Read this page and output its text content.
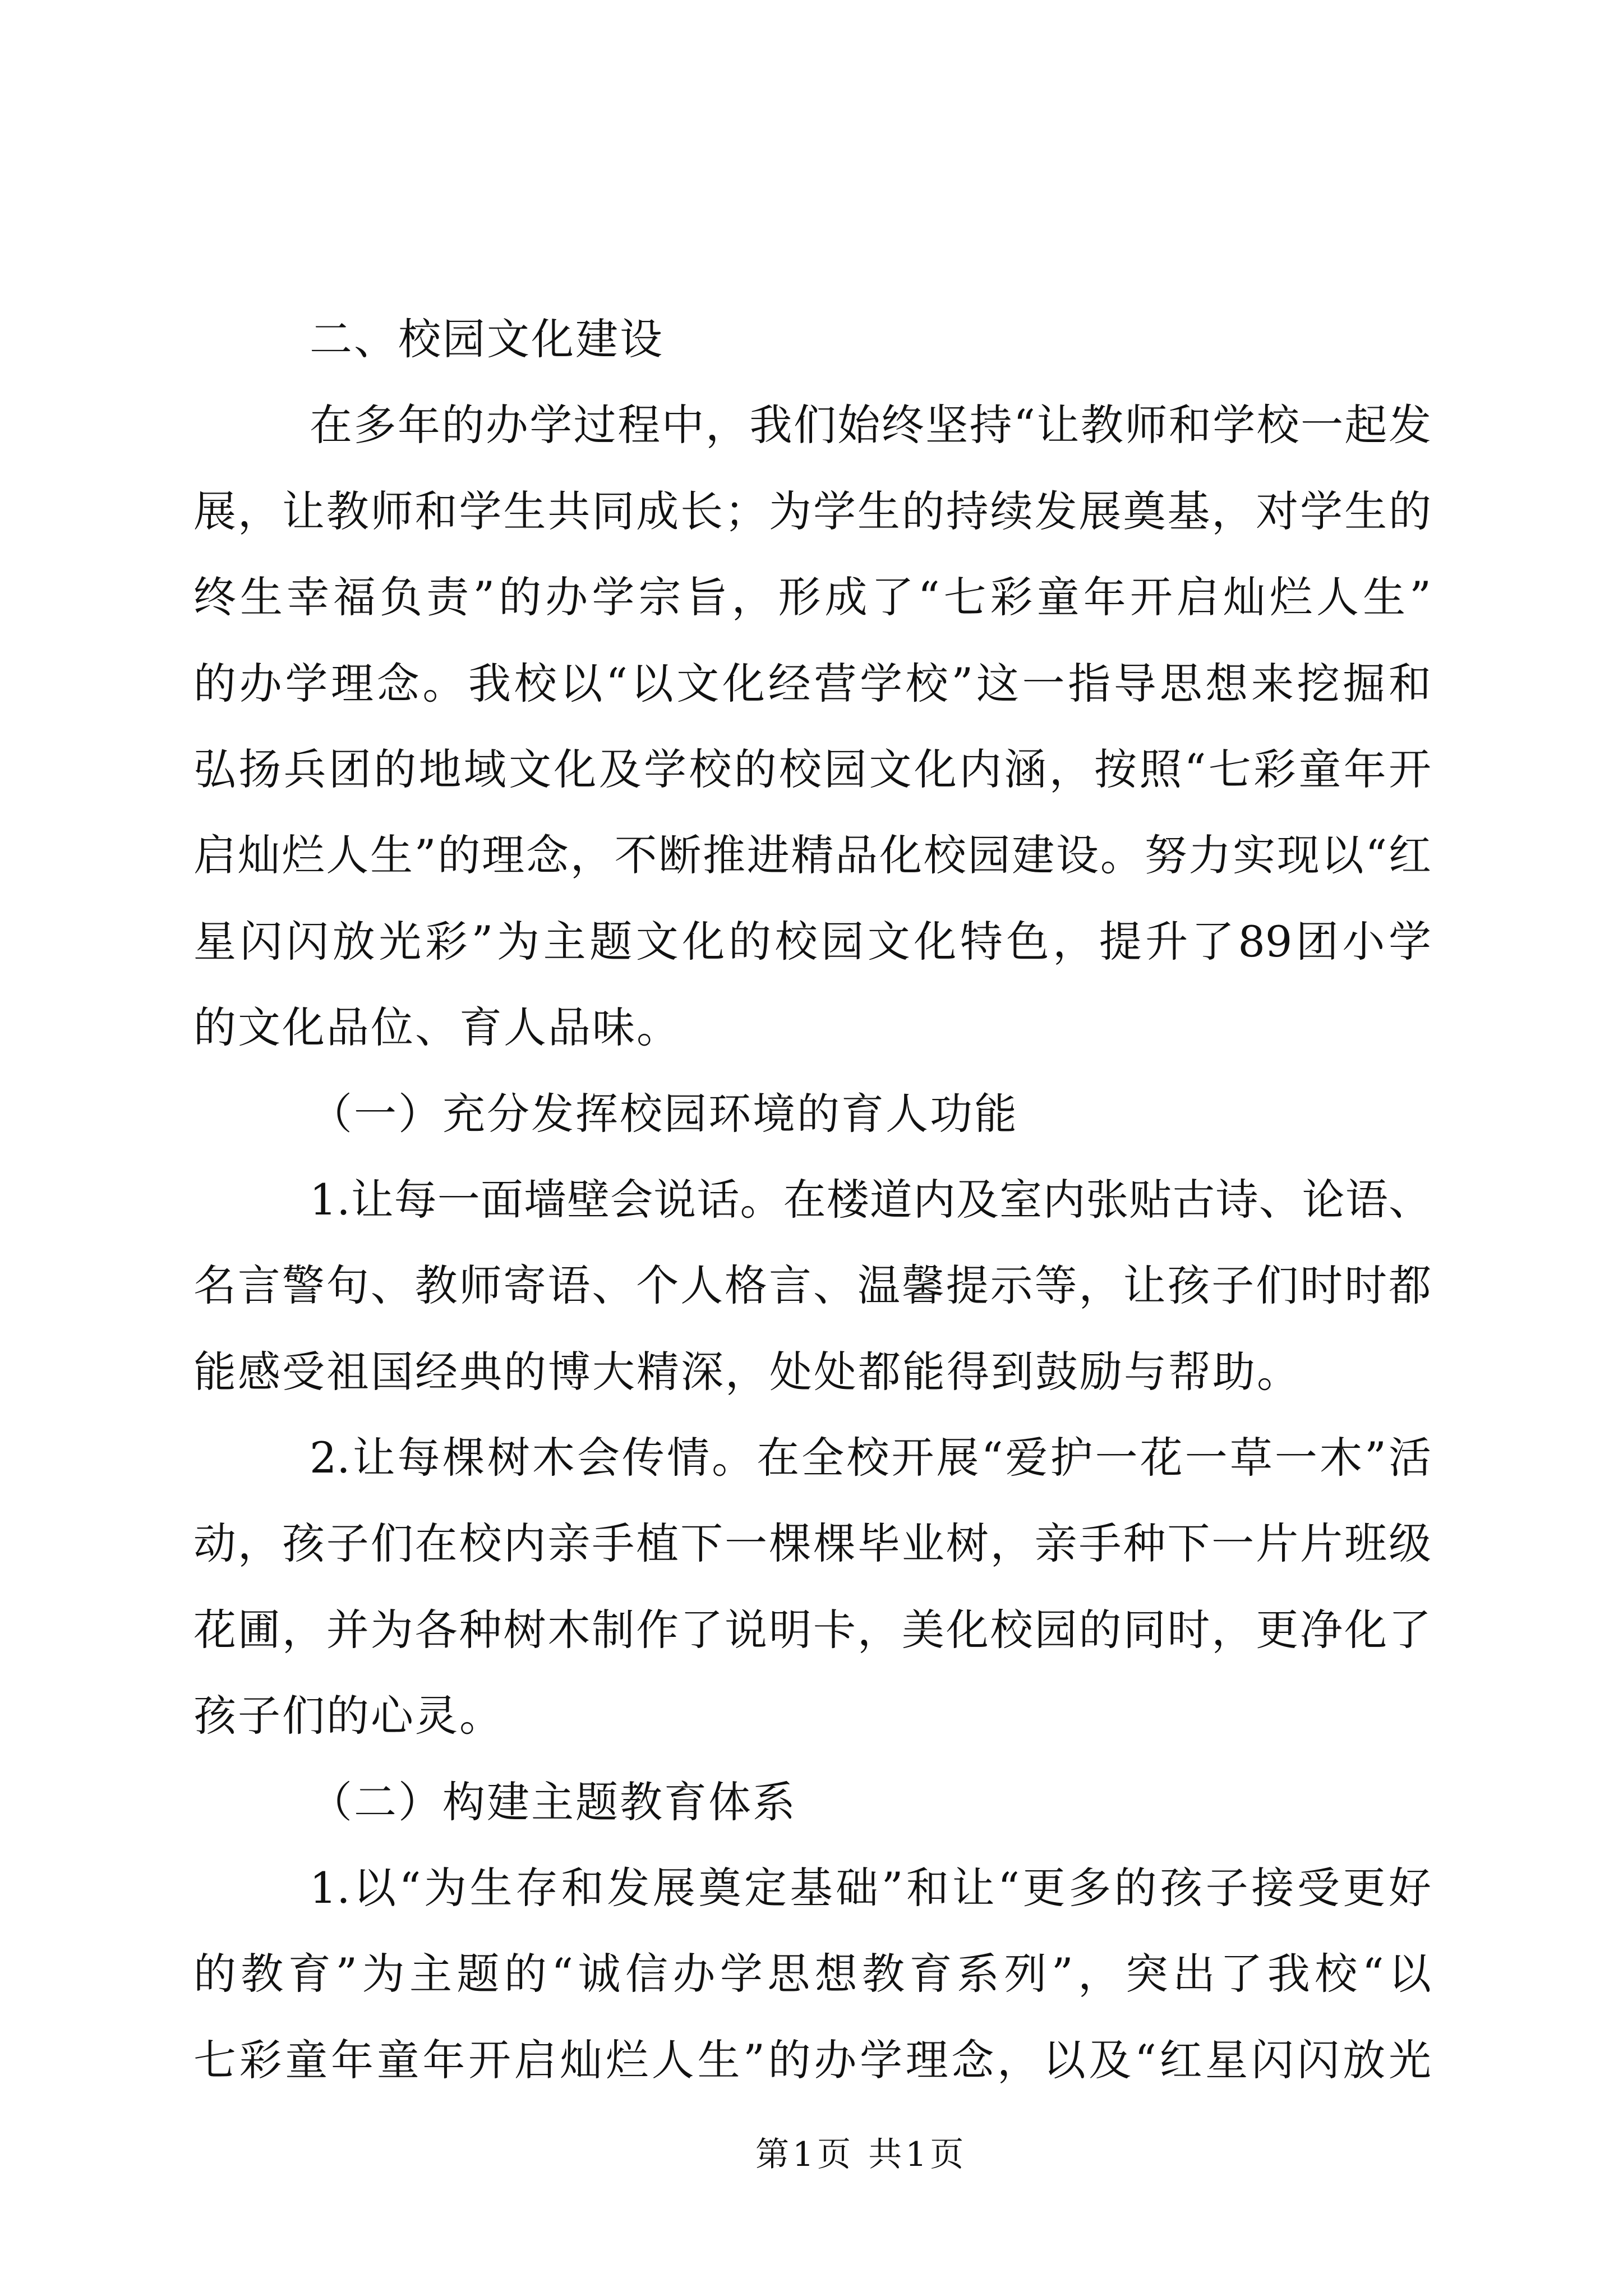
二、校园文化建设
在多年的办学过程中，我们始终坚持“让教师和学校一起发
展，让教师和学生共同成长；为学生的持续发展奠基，对学生的
终生幸福负责”的办学宗旨，形成了“七彩童年开启灿烂人生”
的办学理念。我校以“以文化经营学校”这一指导思想来挖掘和
弘扬兵团的地域文化及学校的校园文化内涵，按照“七彩童年开
启灿烂人生”的理念，不断推进精品化校园建设。努力实现以“红
星闪闪放光彩”为主题文化的校园文化特色，提升了89团小学
的文化品位、育人品味。
（一）充分发挥校园环境的育人功能
1.让每一面墙壁会说话。在楼道内及室内张贴古诗、论语、
名言警句、教师寄语、个人格言、温馨提示等，让孩子们时时都
能感受祖国经典的博大精深，处处都能得到鼓励与帮助。
2.让每棵树木会传情。在全校开展“爱护一花一草一木”活
动，孩子们在校内亲手植下一棵棵毕业树，亲手种下一片片班级
花圃，并为各种树木制作了说明卡，美化校园的同时，更净化了
孩子们的心灵。
（二）构建主题教育体系
1.以“为生存和发展奠定基础”和让“更多的孩子接受更好
的教育”为主题的“诚信办学思想教育系列”，突出了我校“以
七彩童年童年开启灿烂人生”的办学理念，以及“红星闪闪放光
第1页 共1页
